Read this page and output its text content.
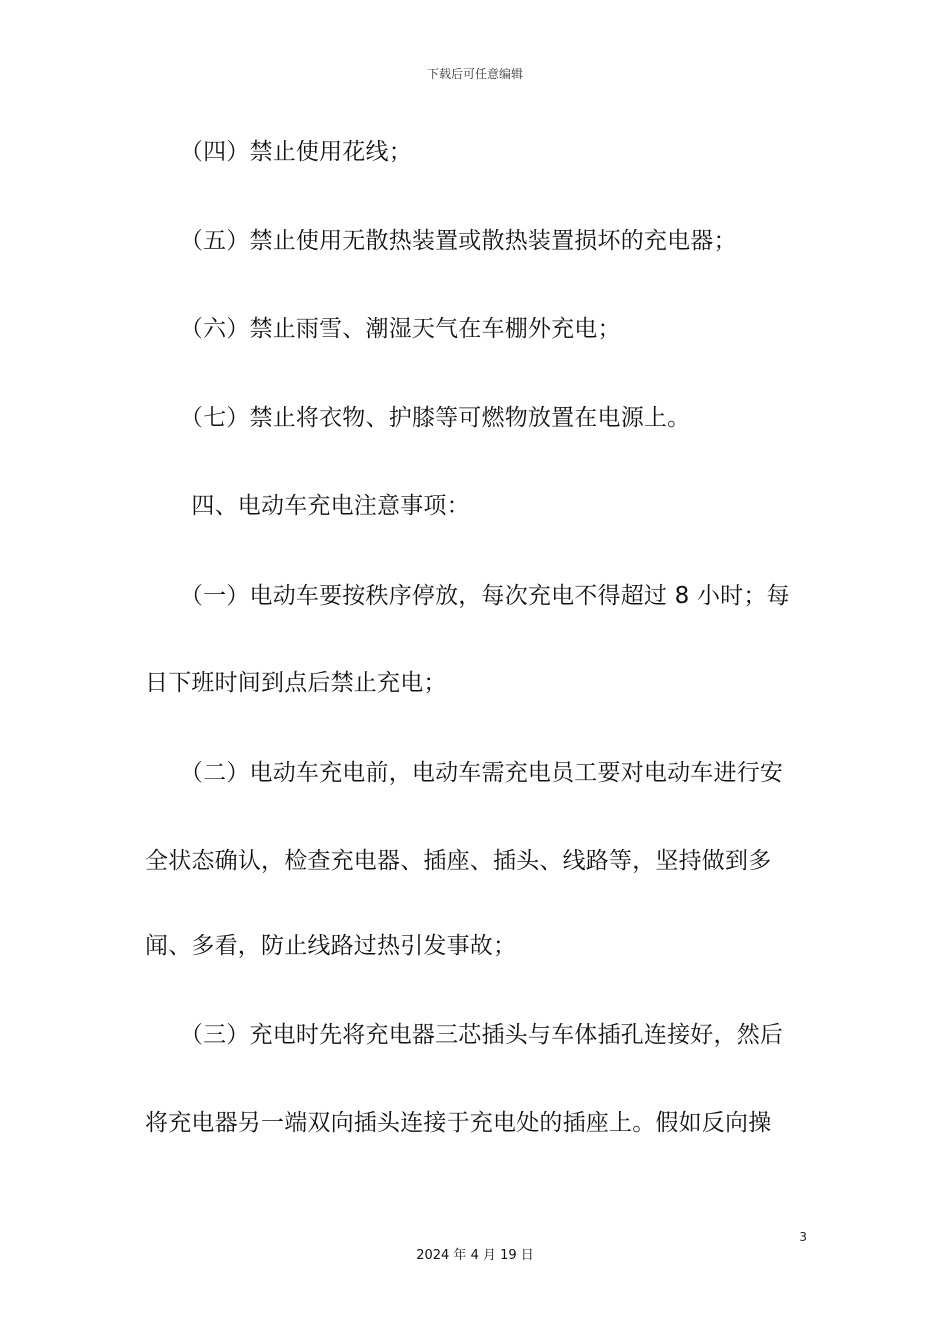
下载后可任意编辑
　　（四）禁止使用花线；
　　（五）禁止使用无散热装置或散热装置损坏的充电器；
　　（六）禁止雨雪、潮湿天气在车棚外充电；
　　（七）禁止将衣物、护膝等可燃物放置在电源上。
　　四、电动车充电注意事项：
　　（一）电动车要按秩序停放，每次充电不得超过 8 小时；每
日下班时间到点后禁止充电；
　　（二）电动车充电前，电动车需充电员工要对电动车进行安
全状态确认，检查充电器、插座、插头、线路等，坚持做到多
闻、多看，防止线路过热引发事故；
　　（三）充电时先将充电器三芯插头与车体插孔连接好，然后
将充电器另一端双向插头连接于充电处的插座上。假如反向操
3
2024 年 4 月 19 日
